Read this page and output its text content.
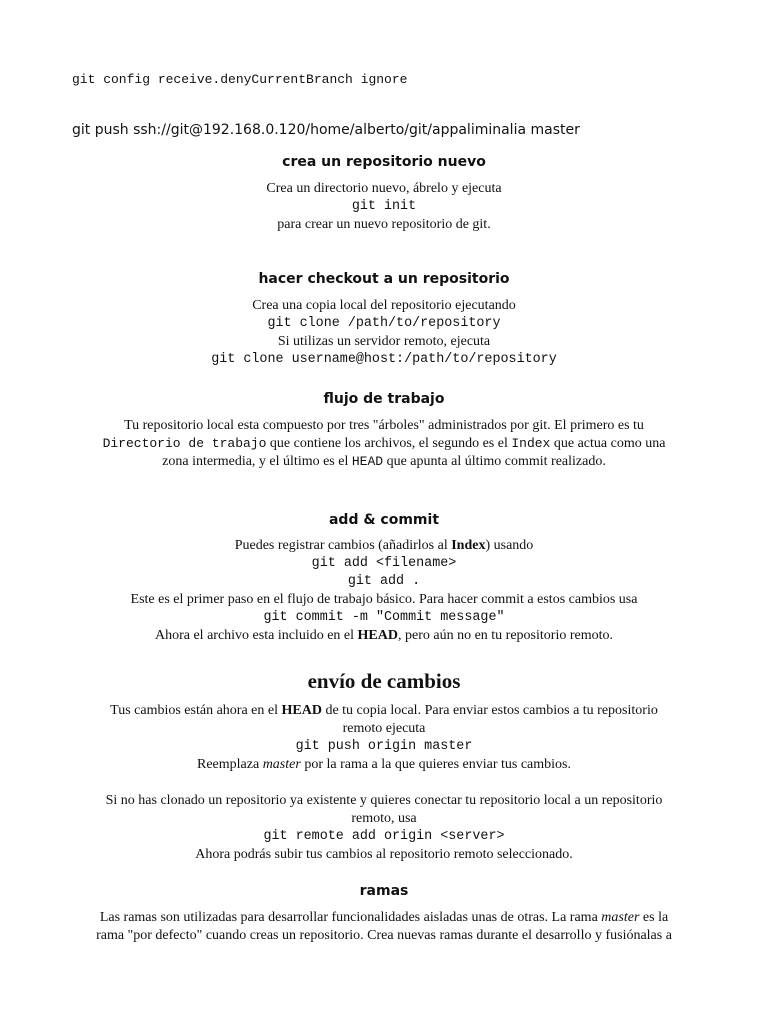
git config receive.denyCurrentBranch ignore
git push ssh://git@192.168.0.120/home/alberto/git/appaliminalia master

crea un repositorio nuevo

Crea un directorio nuevo, ábrelo y ejecuta

git init

para crear un nuevo repositorio de git.

hacer checkout a un repositorio

Crea una copia local del repositorio ejecutando

git clone /path/to/repository

Si utilizas un servidor remoto, ejecuta

git clone username@host:/path/to/repository

flujo de trabajo

Tu repositorio local esta compuesto por tres "árboles" administrados por git. El primero es tu
Directorio de trabajo que contiene los archivos, el segundo es el Index que actua como una
zona intermedia, y el último es el HEAD que apunta al último commit realizado.

add & commit

Puedes registrar cambios (añadirlos al Index) usando

git add <filename>

git add .

Este es el primer paso en el flujo de trabajo básico. Para hacer commit a estos cambios usa

git commit -m "Commit message"

Ahora el archivo esta incluido en el HEAD, pero aún no en tu repositorio remoto.

envío de cambios

Tus cambios están ahora en el HEAD de tu copia local. Para enviar estos cambios a tu repositorio
remoto ejecuta

git push origin master

Reemplaza master por la rama a la que quieres enviar tus cambios.

Si no has clonado un repositorio ya existente y quieres conectar tu repositorio local a un repositorio
remoto, usa

git remote add origin <server>

Ahora podrás subir tus cambios al repositorio remoto seleccionado.

ramas

Las ramas son utilizadas para desarrollar funcionalidades aisladas unas de otras. La rama master es la
rama "por defecto" cuando creas un repositorio. Crea nuevas ramas durante el desarrollo y fusiónalas a
